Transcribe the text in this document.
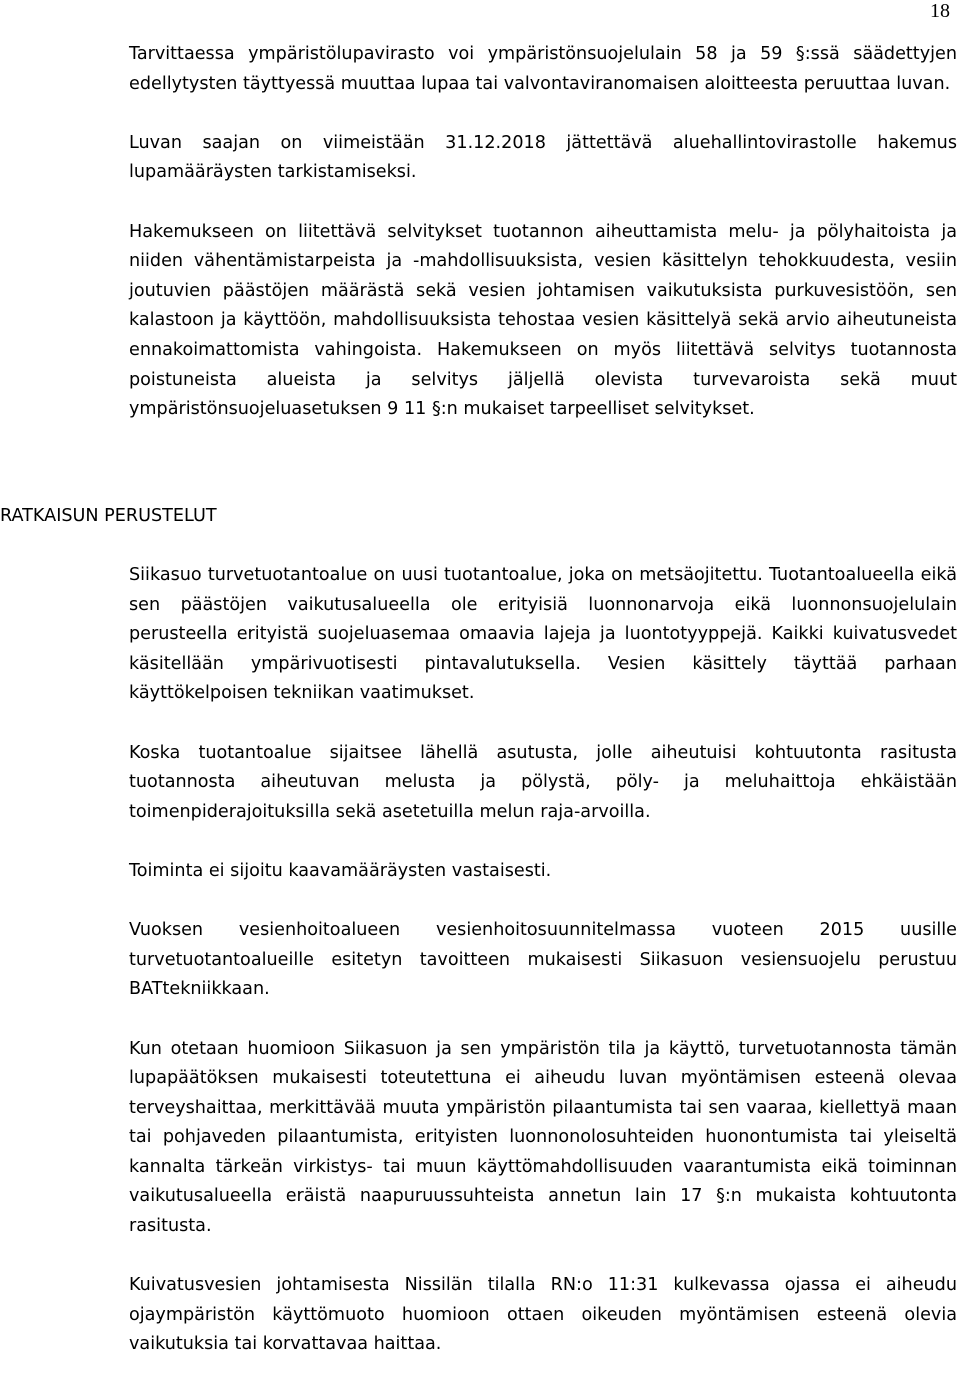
18

Tarvittaessa ympäristölupavirasto voi ympäristönsuojelulain 58 ja 59 §:ssä säädettyjen edellytysten täyttyessä muuttaa lupaa tai valvontaviranomaisen aloitteesta peruuttaa luvan.

Luvan saajan on viimeistään 31.12.2018 jättettävä aluehallintovirastolle hakemus lupamääräysten tarkistamiseksi.

Hakemukseen on liitettävä selvitykset tuotannon aiheuttamista melu- ja pölyhaitoista ja niiden vähentämistarpeista ja -mahdollisuuksista, vesien käsittelyn tehokkuudesta, vesiin joutuvien päästöjen määrästä sekä vesien johtamisen vaikutuksista purkuvesistöön, sen kalastoon ja käyttöön, mahdollisuuksista tehostaa vesien käsittelyä sekä arvio aiheutuneista ennakoimattomista vahingoista. Hakemukseen on myös liitettävä selvitys tuotannosta poistuneista alueista ja selvitys jäljellä olevista turvevaroista sekä muut ympäristönsuojeluasetuksen 9 11 §:n mukaiset tarpeelliset selvitykset.

RATKAISUN PERUSTELUT

Siikasuo turvetuotantoalue on uusi tuotantoalue, joka on metsäojitettu. Tuotantoalueella eikä sen päästöjen vaikutusalueella ole erityisiä luonnonarvoja eikä luonnonsuojelulain perusteella erityistä suojeluasemaa omaavia lajeja ja luontotyyppejä. Kaikki kuivatusvedet käsitellään ympärivuotisesti pintavalutuksella. Vesien käsittely täyttää parhaan käyttökelpoisen tekniikan vaatimukset.

Koska tuotantoalue sijaitsee lähellä asutusta, jolle aiheutuisi kohtuutonta rasitusta tuotannosta aiheutuvan melusta ja pölystä, pöly- ja meluhaittoja ehkäistään toimenpiderajoituksilla sekä asetetuilla melun raja-arvoilla.

Toiminta ei sijoitu kaavamääräysten vastaisesti.

Vuoksen vesienhoitoalueen vesienhoitosuunnitelmassa vuoteen 2015 uusille turvetuotantoalueille esitetyn tavoitteen mukaisesti Siikasuon vesiensuojelu perustuu BATtekniikkaan.

Kun otetaan huomioon Siikasuon ja sen ympäristön tila ja käyttö, turvetuotannosta tämän lupapäätöksen mukaisesti toteutettuna ei aiheudu luvan myöntämisen esteenä olevaa terveyshaittaa, merkittävää muuta ympäristön pilaantumista tai sen vaaraa, kiellettyä maan tai pohjaveden pilaantumista, erityisten luonnonolosuhteiden huonontumista tai yleiseltä kannalta tärkeän virkistys- tai muun käyttömahdollisuuden vaarantumista eikä toiminnan vaikutusalueella eräistä naapuruussuhteista annetun lain 17 §:n mukaista kohtuutonta rasitusta.

Kuivatusvesien johtamisesta Nissilän tilalla RN:o 11:31 kulkevassa ojassa ei aiheudu ojaympäristön käyttömuoto huomioon ottaen oikeuden myöntämisen esteenä olevia vaikutuksia tai korvattavaa haittaa.
